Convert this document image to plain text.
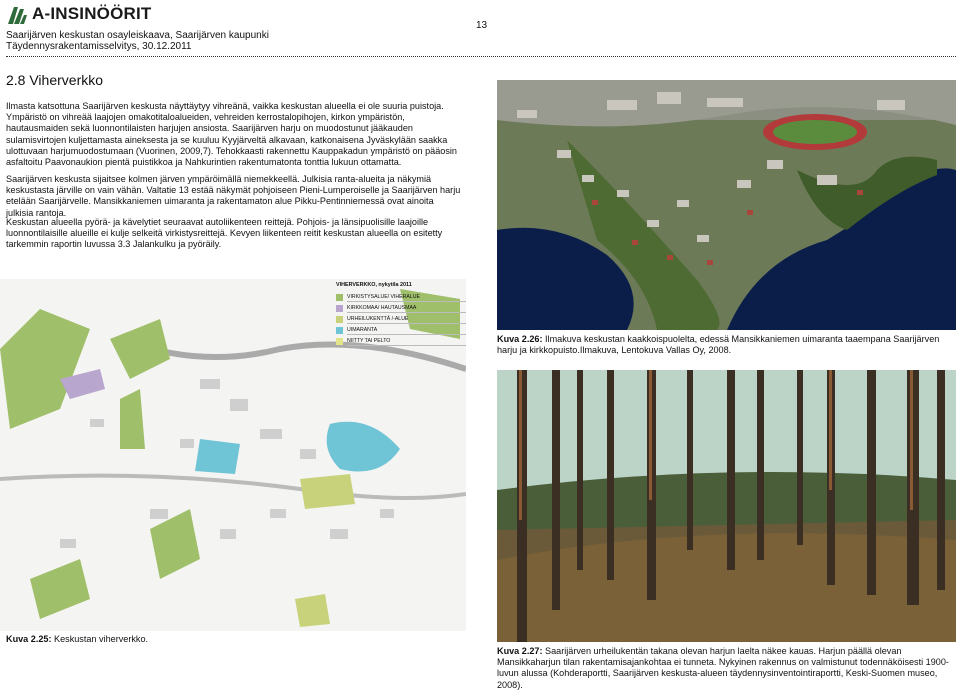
A-INSINÖÖRIT
Saarijärven keskustan osayleiskaava, Saarijärven kaupunki
Täydennysrakentamisselvitys, 30.12.2011
13
2.8 Viherverkko
Ilmasta katsottuna Saarijärven keskusta näyttäytyy vihreänä, vaikka keskustan alueella ei ole suuria puistoja. Ympäristö on vihreää laajojen omakotitaloalueiden, vehreiden kerrostalopihojen, kirkon ympäristön, hautausmaiden sekä luonnontilaisten harjujen ansiosta. Saarijärven harju on muodostunut jääkauden sulamisvirtojen kuljettamasta aineksesta ja se kuuluu Kyyjärveltä alkavaan, katkonaisena Jyväskylään saakka ulottuvaan harjumuodostumaan (Vuorinen, 2009,7). Tehokkaasti rakennettu Kauppakadun ympäristö on pääosin asfaltoitu Paavonaukion pientä puistikkoa ja Nahkurintien rakentumatonta tonttia lukuun ottamatta.
Saarijärven keskusta sijaitsee kolmen järven ympäröimällä niemekkeellä. Julkisia ranta-alueita ja näkymiä keskustasta järville on vain vähän. Valtatie 13 estää näkymät pohjoiseen Pieni-Lumperoiselle ja Saarijärven harju etelään Saarijärvelle. Mansikkaniemen uimaranta ja rakentamaton alue Pikku-Pentinniemessä ovat ainoita julkisia rantoja.
Keskustan alueella pyörä- ja kävelytiet seuraavat autoliikenteen reittejä. Pohjois- ja länsipuolisille laajoille luonnontilaisille alueille ei kulje selkeitä virkistysreittejä. Kevyen liikenteen reitit keskustan alueella on esitetty tarkemmin raportin luvussa 3.3 Jalankulku ja pyöräily.
Kuva 2.26: Ilmakuva keskustan kaakkoispuolelta, edessä Mansikkaniemen uimaranta taaempana Saarijärven harju ja kirkkopuisto.Ilmakuva, Lentokuva Vallas Oy, 2008.
Kuva 2.27: Saarijärven urheilukentän takana olevan harjun laelta näkee kauas. Harjun päällä olevan Mansikkaharjun tilan rakentamisajankohtaa ei tunneta. Nykyinen rakennus on valmistunut todennäköisesti 1900-luvun alussa (Kohderaportti, Saarijärven keskusta-alueen täydennysinventointiraportti, Keski-Suomen museo, 2008).
VIHERVERKKO, nykytila 2011
VIRKISTYSALUE/ VIHERALUE
KIRKKOMAA/ HAUTAUSMAA
URHEILUKENTTÄ /-ALUE
UIMARANTA
NIITTY TAI PELTO
Kuva 2.25: Keskustan viherverkko.
